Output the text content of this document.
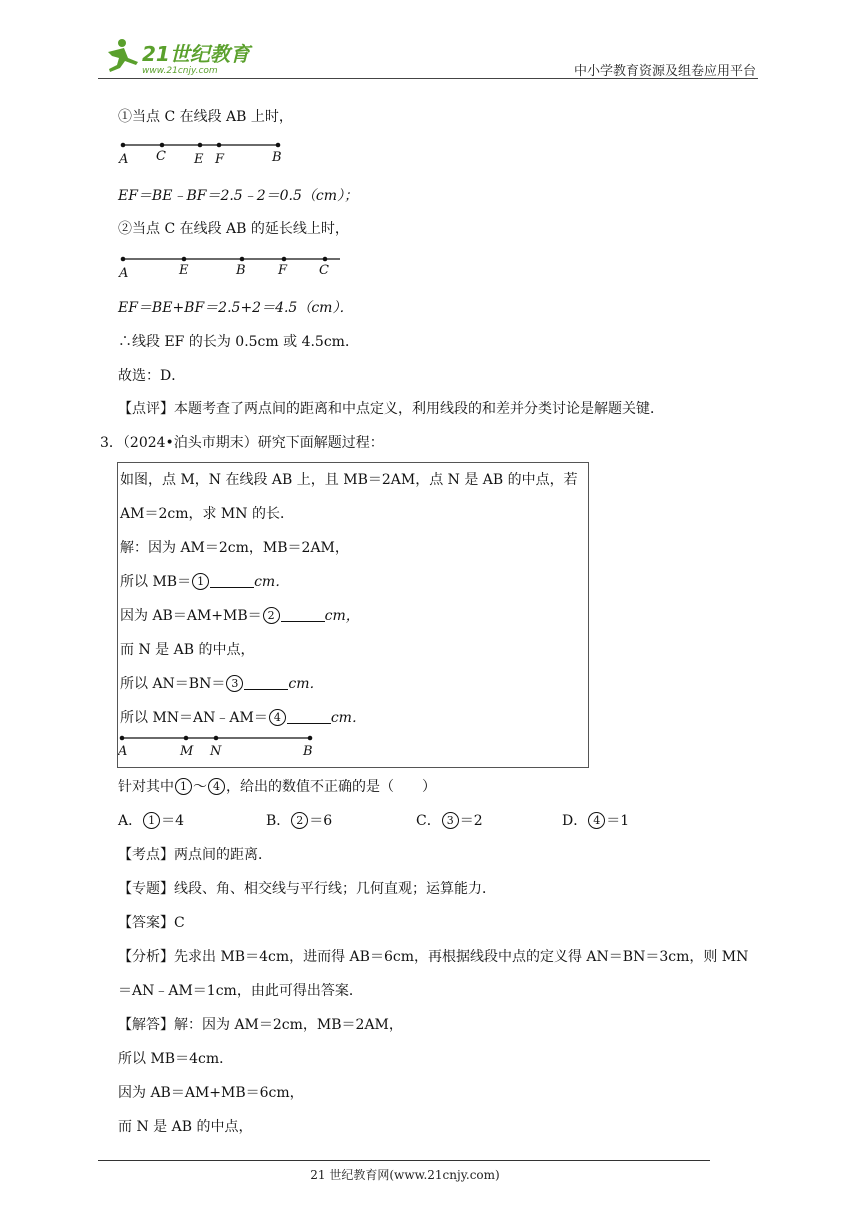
21世纪教育
www.21cnjy.com	中小学教育资源及组卷应用平台
①当点 C 在线段 AB 上时，
A C E F	B
EF＝BE﹣BF＝2.5﹣2＝0.5（cm）；
②当点 C 在线段 AB 的延长线上时，
A	E	B F C
EF＝BE+BF＝2.5+2＝4.5（cm）．
∴线段 EF 的长为 0.5cm 或 4.5cm．
故选：D．
【点评】本题考查了两点间的距离和中点定义，利用线段的和差并分类讨论是解题关键．
3．（2024•泊头市期末）研究下面解题过程：
如图，点 M，N 在线段 AB 上，且 MB＝2AM，点 N 是 AB 的中点，若
AM＝2cm，求 MN 的长．
解：因为 AM＝2cm，MB＝2AM，
所以 MB＝ 1	cm．
因为 AB＝AM+MB＝ 2	cm，
而 N 是 AB 的中点，
所以 AN＝BN＝ 3	cm．
所以 MN＝AN﹣AM＝ 4	cm．
A	M N	B
针对其中 1 ～ 4 ，给出的数值不正确的是（　　）
A． 1 ＝4	B． 2 ＝6	C． 3 ＝2	D． 4 ＝1
【考点】两点间的距离．
【专题】线段、角、相交线与平行线；几何直观；运算能力．
【答案】C
【分析】先求出 MB＝4cm，进而得 AB＝6cm，再根据线段中点的定义得 AN＝BN＝3cm，则 MN
＝AN﹣AM＝1cm，由此可得出答案．
【解答】解：因为 AM＝2cm，MB＝2AM，
所以 MB＝4cm．
因为 AB＝AM+MB＝6cm，
而 N 是 AB 的中点，
21 世纪教育网(www.21cnjy.com)
